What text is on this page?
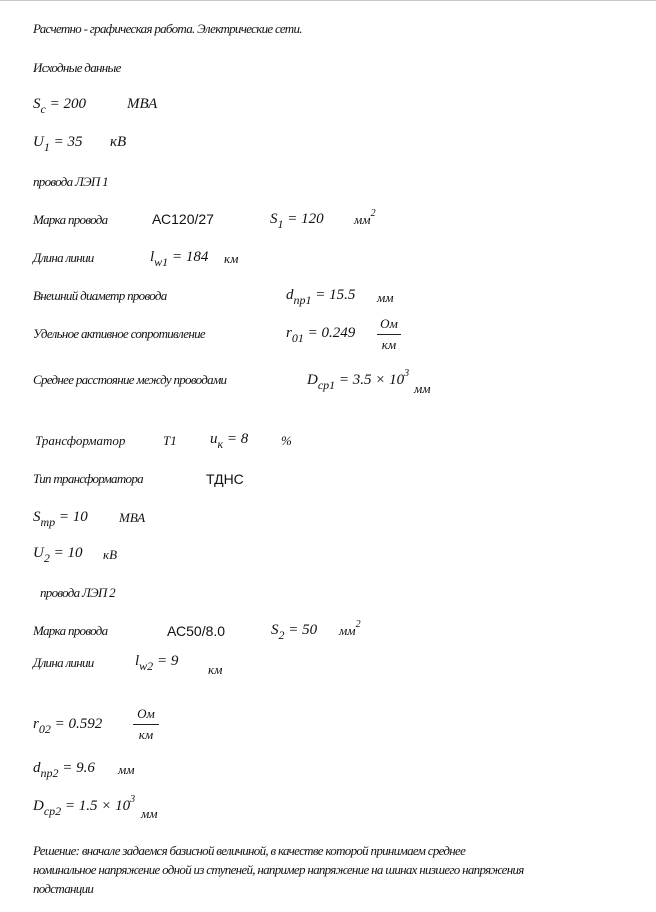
Расчетно - графическая работа. Электрические сети.
Исходные данные
$S_c = 200$	МВА
$U_1 = 35$ кВ
провода ЛЭП 1
Марка провода	АС120/27	$S_1 = 120$ $мм^2$
Длина линии	$l_{w1} = 184$ км
Внешний диаметр провода	$d_{пр1} = 15.5$ мм
Удельное активное сопротивление	$r_{01} = 0.249$
Ом
км
Среднее расстояние между проводами	$D_{ср1} = 3.5 \times 10^3$
мм
Трансформатор	Т1 $u_к = 8$	%
Тип трансформатора	ТДНС
$S_{тр} = 10$ МВА
$U_2 = 10$ кВ
провода ЛЭП 2
Марка провода	АС50/8.0	$S_2 = 50$ $мм^2$
Длина линии	$l_{w2} = 9$
км
$r_{02} = 0.592$
Ом
км
$d_{пр2} = 9.6$ мм
$D_{ср2} = 1.5 \times 10^3$
мм
Решение: вначале задаемся базисной величиной, в качестве которой принимаем среднее
номинальное напряжение одной из ступеней, например напряжение на шинах низшего напряжения
подстанции
